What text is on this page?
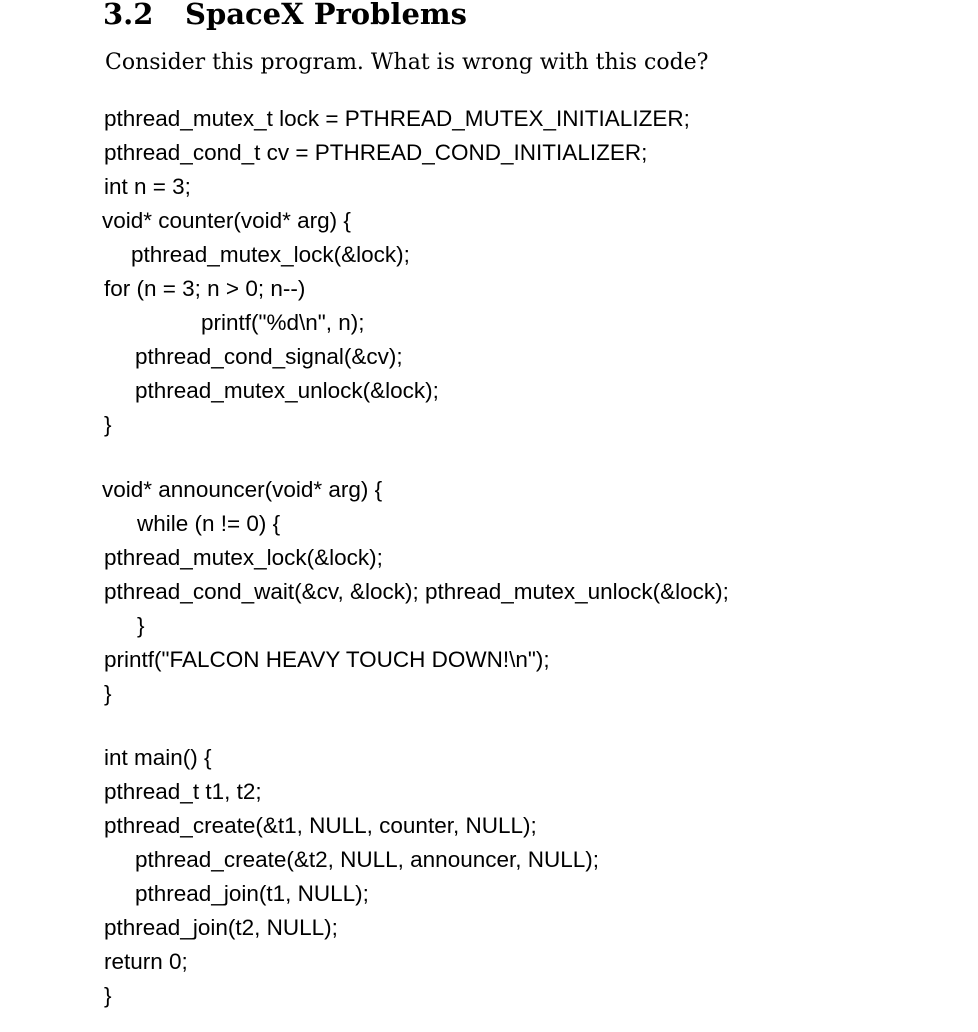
3.2 SpaceX Problems
Consider this program. What is wrong with this code?
pthread_mutex_t lock = PTHREAD_MUTEX_INITIALIZER;
pthread_cond_t cv = PTHREAD_COND_INITIALIZER;
int n = 3;
void* counter(void* arg) {
pthread_mutex_lock(&lock);
for (n = 3; n > 0; n--)
printf("%d\n", n);
pthread_cond_signal(&cv);
pthread_mutex_unlock(&lock);
}
void* announcer(void* arg) {
while (n != 0) {
pthread_mutex_lock(&lock);
pthread_cond_wait(&cv, &lock); pthread_mutex_unlock(&lock);
}
printf("FALCON HEAVY TOUCH DOWN!\n");
}
int main() {
pthread_t t1, t2;
pthread_create(&t1, NULL, counter, NULL);
pthread_create(&t2, NULL, announcer, NULL);
pthread_join(t1, NULL);
pthread_join(t2, NULL);
return 0;
}
